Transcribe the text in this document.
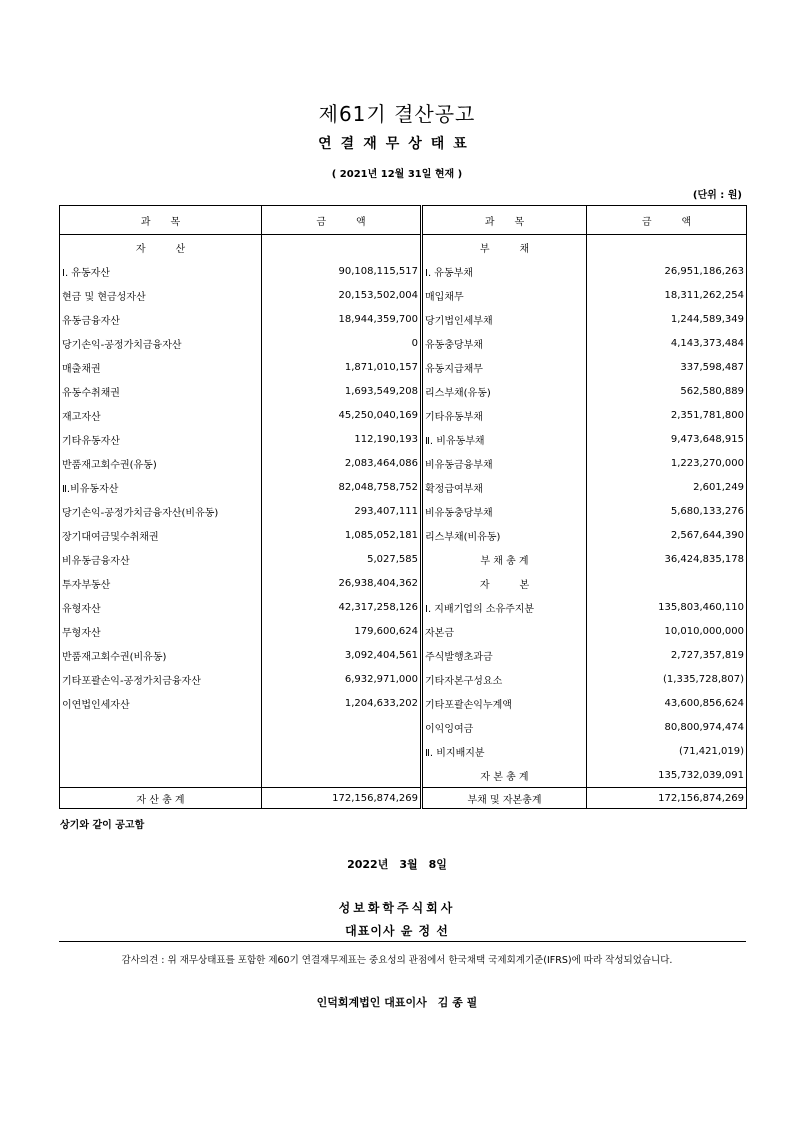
제61기 결산공고
연결재무상태표
( 2021년 12월 31일 현재 )
(단위 : 원)
과　　목	금　　　액	과　　목	금　　　액
자　　　산		부　　　채	
Ⅰ. 유동자산	90,108,115,517	Ⅰ. 유동부채	26,951,186,263
현금 및 현금성자산	20,153,502,004	매입채무	18,311,262,254
유동금융자산	18,944,359,700	당기법인세부채	1,244,589,349
당기손익-공정가치금융자산	0	유동충당부채	4,143,373,484
매출채권	1,871,010,157	유동지급채무	337,598,487
유동수취채권	1,693,549,208	리스부채(유동)	562,580,889
재고자산	45,250,040,169	기타유동부채	2,351,781,800
기타유동자산	112,190,193	Ⅱ. 비유동부채	9,473,648,915
반품재고회수권(유동)	2,083,464,086	비유동금융부채	1,223,270,000
Ⅱ.비유동자산	82,048,758,752	확정급여부채	2,601,249
당기손익-공정가치금융자산(비유동)	293,407,111	비유동충당부채	5,680,133,276
장기대여금및수취채권	1,085,052,181	리스부채(비유동)	2,567,644,390
비유동금융자산	5,027,585	부 채 총 계	36,424,835,178
투자부동산	26,938,404,362	자　　　본	
유형자산	42,317,258,126	Ⅰ. 지배기업의 소유주지분	135,803,460,110
무형자산	179,600,624	자본금	10,010,000,000
반품재고회수권(비유동)	3,092,404,561	주식발행초과금	2,727,357,819
기타포괄손익-공정가치금융자산	6,932,971,000	기타자본구성요소	(1,335,728,807)
이연법인세자산	1,204,633,202	기타포괄손익누계액	43,600,856,624
		이익잉여금	80,800,974,474
		Ⅱ. 비지배지분	(71,421,019)
		자 본 총 계	135,732,039,091
자 산 총 계	172,156,874,269	부채 및 자본총계	172,156,874,269
상기와 같이 공고함
2022년　3월　8일
성보화학주식회사
대표이사 윤 정 선
감사의견 : 위 재무상태표를 포함한 제60기 연결재무제표는 중요성의 관점에서 한국채택 국제회계기준(IFRS)에 따라 작성되었습니다.
인덕회계법인 대표이사　김 종 필
